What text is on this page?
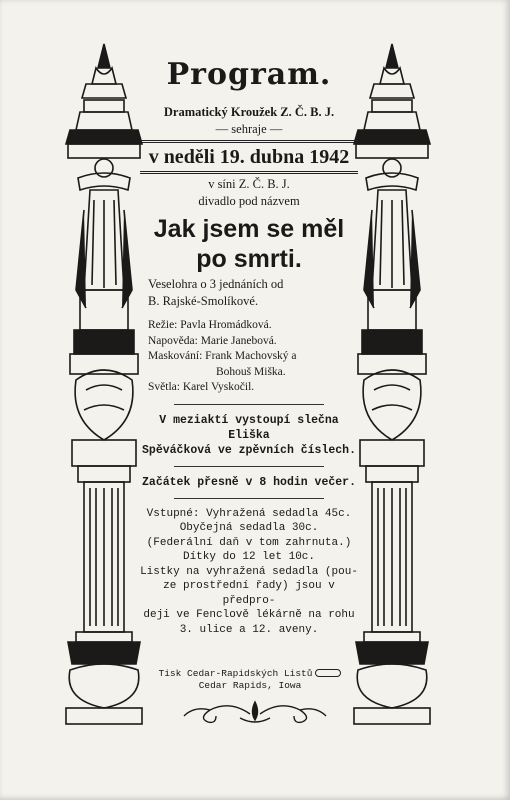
Program.
Dramatický Kroužek Z. Č. B. J.
— sehraje —
v neděli 19. dubna 1942
v síni Z. Č. B. J.
divadlo pod názvem
Jak jsem se měl
po smrti.
Veselohra o 3 jednáních od
B. Rajské-Smolíkové.
Režie: Pavla Hromádková.
Napověda: Marie Janebová.
Maskování: Frank Machovský a
Bohouš Miška.
Světla: Karel Vyskočil.
V meziaktí vystoupí slečna Eliška
Spěváčková ve zpěvních číslech.
Začátek přesně v 8 hodin večer.
Vstupné: Vyhražená sedadla 45c.
Obyčejná sedadla 30c.
(Federální daň v tom zahrnuta.)
Dítky do 12 let 10c.
Listky na vyhražená sedadla (pou-
ze prostřední řady) jsou v předpro-
deji ve Fenclově lékárně na rohu
3. ulice a 12. aveny.
Tisk Cedar-Rapidských Listů
Cedar Rapids, Iowa
